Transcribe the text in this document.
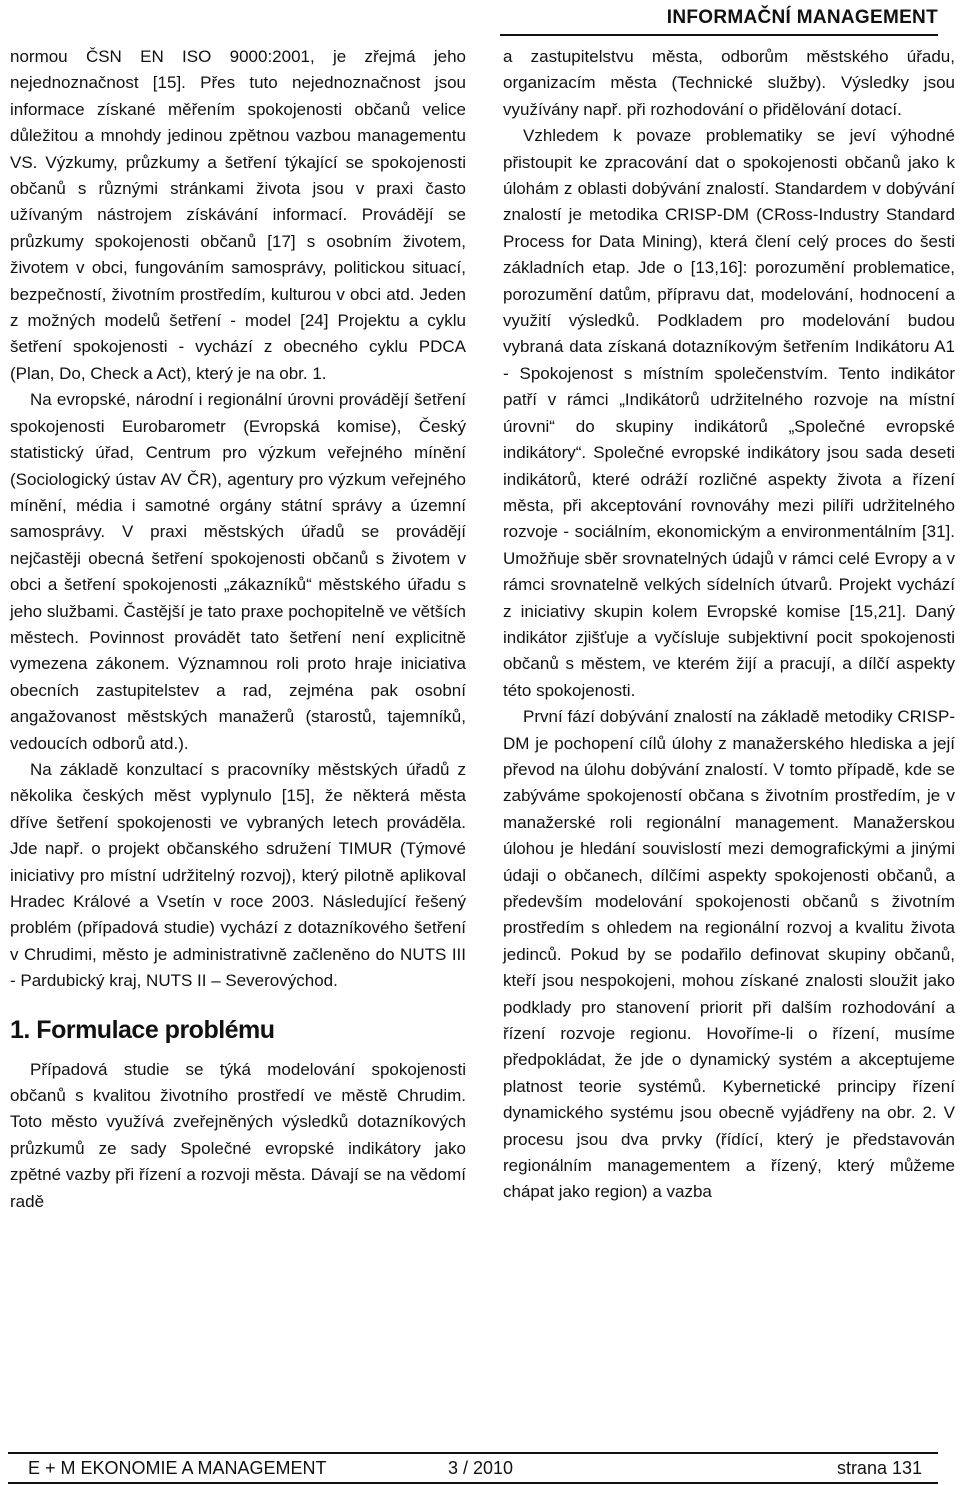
INFORMAČNÍ MANAGEMENT

normou ČSN EN ISO 9000:2001, je zřejmá jeho nejednoznačnost [15]. Přes tuto nejednoznačnost jsou informace získané měřením spokojenosti občanů velice důležitou a mnohdy jedinou zpětnou vazbou managementu VS. Výzkumy, průzkumy a šetření týkající se spokojenosti občanů s různými stránkami života jsou v praxi často užívaným nástrojem získávání informací. Provádějí se průzkumy spokojenosti občanů [17] s osobním životem, životem v obci, fungováním samosprávy, politickou situací, bezpečností, životním prostředím, kulturou v obci atd. Jeden z možných modelů šetření - model [24] Projektu a cyklu šetření spokojenosti - vychází z obecného cyklu PDCA (Plan, Do, Check a Act), který je na obr. 1.

Na evropské, národní i regionální úrovni provádějí šetření spokojenosti Eurobarometr (Evropská komise), Český statistický úřad, Centrum pro výzkum veřejného mínění (Sociologický ústav AV ČR), agentury pro výzkum veřejného mínění, média i samotné orgány státní správy a územní samosprávy. V praxi městských úřadů se provádějí nejčastěji obecná šetření spokojenosti občanů s životem v obci a šetření spokojenosti „zákazníků“ městského úřadu s jeho službami. Častější je tato praxe pochopitelně ve větších městech. Povinnost provádět tato šetření není explicitně vymezena zákonem. Významnou roli proto hraje iniciativa obecních zastupitelstev a rad, zejména pak osobní angažovanost městských manažerů (starostů, tajemníků, vedoucích odborů atd.).

Na základě konzultací s pracovníky městských úřadů z několika českých měst vyplynulo [15], že některá města dříve šetření spokojenosti ve vybraných letech prováděla. Jde např. o projekt občanského sdružení TIMUR (Týmové iniciativy pro místní udržitelný rozvoj), který pilotně aplikoval Hradec Králové a Vsetín v roce 2003. Následující řešený problém (případová studie) vychází z dotazníkového šetření v Chrudimi, město je administrativně začleněno do NUTS III - Pardubický kraj, NUTS II – Severovýchod.

1. Formulace problému

Případová studie se týká modelování spokojenosti občanů s kvalitou životního prostředí ve městě Chrudim. Toto město využívá zveřejněných výsledků dotazníkových průzkumů ze sady Společné evropské indikátory jako zpětné vazby při řízení a rozvoji města. Dávají se na vědomí radě

a zastupitelstvu města, odborům městského úřadu, organizacím města (Technické služby). Výsledky jsou využívány např. při rozhodování o přidělování dotací.

Vzhledem k povaze problematiky se jeví výhodné přistoupit ke zpracování dat o spokojenosti občanů jako k úlohám z oblasti dobývání znalostí. Standardem v dobývání znalostí je metodika CRISP-DM (CRoss-Industry Standard Process for Data Mining), která člení celý proces do šesti základních etap. Jde o [13,16]: porozumění problematice, porozumění datům, přípravu dat, modelování, hodnocení a využití výsledků. Podkladem pro modelování budou vybraná data získaná dotazníkovým šetřením Indikátoru A1 - Spokojenost s místním společenstvím. Tento indikátor patří v rámci „Indikátorů udržitelného rozvoje na místní úrovni“ do skupiny indikátorů „Společné evropské indikátory“. Společné evropské indikátory jsou sada deseti indikátorů, které odráží rozličné aspekty života a řízení města, při akceptování rovnováhy mezi pilíři udržitelného rozvoje - sociálním, ekonomickým a environmentálním [31]. Umožňuje sběr srovnatelných údajů v rámci celé Evropy a v rámci srovnatelně velkých sídelních útvarů. Projekt vychází z iniciativy skupin kolem Evropské komise [15,21]. Daný indikátor zjišťuje a vyčísluje subjektivní pocit spokojenosti občanů s městem, ve kterém žijí a pracují, a dílčí aspekty této spokojenosti.

První fází dobývání znalostí na základě metodiky CRISP-DM je pochopení cílů úlohy z manažerského hlediska a její převod na úlohu dobývání znalostí. V tomto případě, kde se zabýváme spokojeností občana s životním prostředím, je v manažerské roli regionální management. Manažerskou úlohou je hledání souvislostí mezi demografickými a jinými údaji o občanech, dílčími aspekty spokojenosti občanů, a především modelování spokojenosti občanů s životním prostředím s ohledem na regionální rozvoj a kvalitu života jedinců. Pokud by se podařilo definovat skupiny občanů, kteří jsou nespokojeni, mohou získané znalosti sloužit jako podklady pro stanovení priorit při dalším rozhodování a řízení rozvoje regionu. Hovoříme-li o řízení, musíme předpokládat, že jde o dynamický systém a akceptujeme platnost teorie systémů. Kybernetické principy řízení dynamického systému jsou obecně vyjádřeny na obr. 2. V procesu jsou dva prvky (řídící, který je představován regionálním managementem a řízený, který můžeme chápat jako region) a vazba

E + M EKONOMIE A MANAGEMENT	3 / 2010	strana 131
